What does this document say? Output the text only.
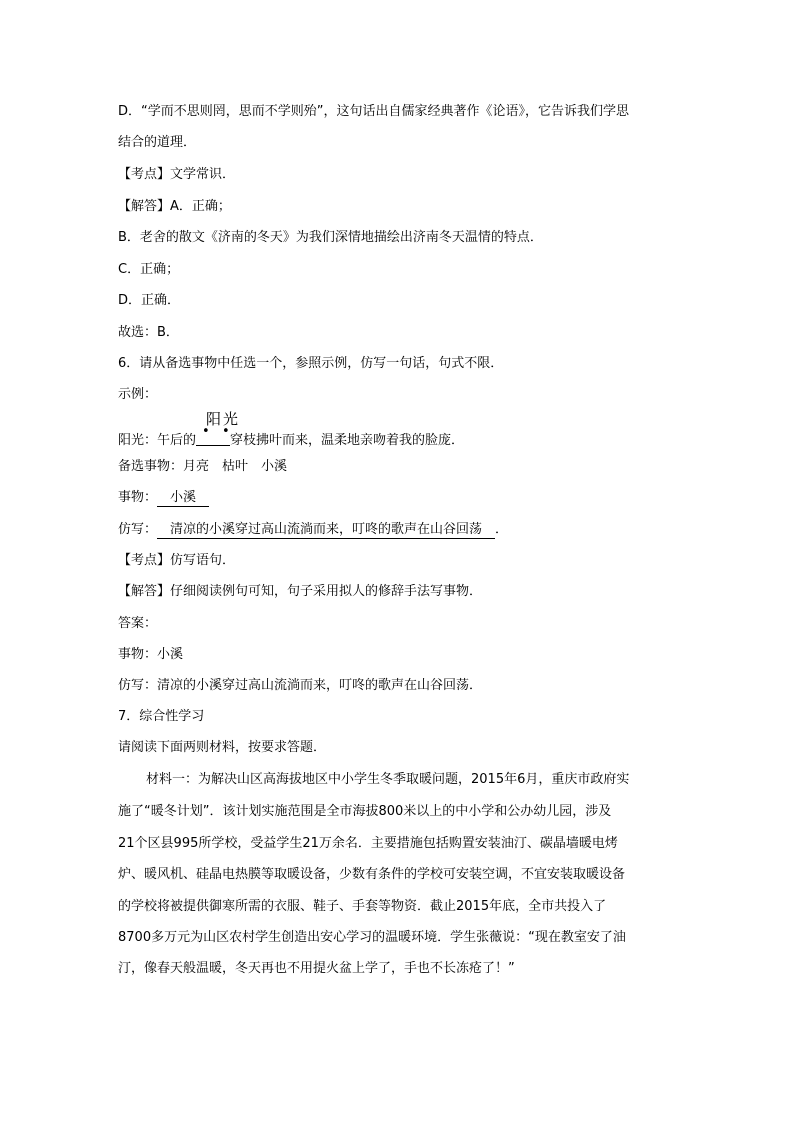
D．“学而不思则罔，思而不学则殆”，这句话出自儒家经典著作《论语》，它告诉我们学思
结合的道理．
【考点】文学常识．
【解答】A．正确；
B．老舍的散文《济南的冬天》为我们深情地描绘出济南冬天温情的特点．
C．正确；
D．正确．
故选：B．
6．请从备选事物中任选一个，参照示例，仿写一句话，句式不限．
示例：
阳光
阳光：午后的
• •
穿枝拂叶而来，温柔地亲吻着我的脸庞．
备选事物：月亮　枯叶　小溪
事物：　小溪　
仿写：　清凉的小溪穿过高山流淌而来，叮咚的歌声在山谷回荡　．
【考点】仿写语句．
【解答】仔细阅读例句可知，句子采用拟人的修辞手法写事物．
答案：
事物：小溪
仿写：清凉的小溪穿过高山流淌而来，叮咚的歌声在山谷回荡．
7．综合性学习
请阅读下面两则材料，按要求答题．
材料一：为解决山区高海拔地区中小学生冬季取暖问题，2015年6月，重庆市政府实
施了“暖冬计划”．该计划实施范围是全市海拔800米以上的中小学和公办幼儿园，涉及
21个区县995所学校，受益学生21万余名．主要措施包括购置安装油汀、碳晶墙暖电烤
炉、暖风机、硅晶电热膜等取暖设备，少数有条件的学校可安装空调，不宜安装取暖设备
的学校将被提供御寒所需的衣服、鞋子、手套等物资．截止2015年底，全市共投入了
8700多万元为山区农村学生创造出安心学习的温暖环境．学生张薇说：“现在教室安了油
汀，像春天般温暖，冬天再也不用提火盆上学了，手也不长冻疮了！”
